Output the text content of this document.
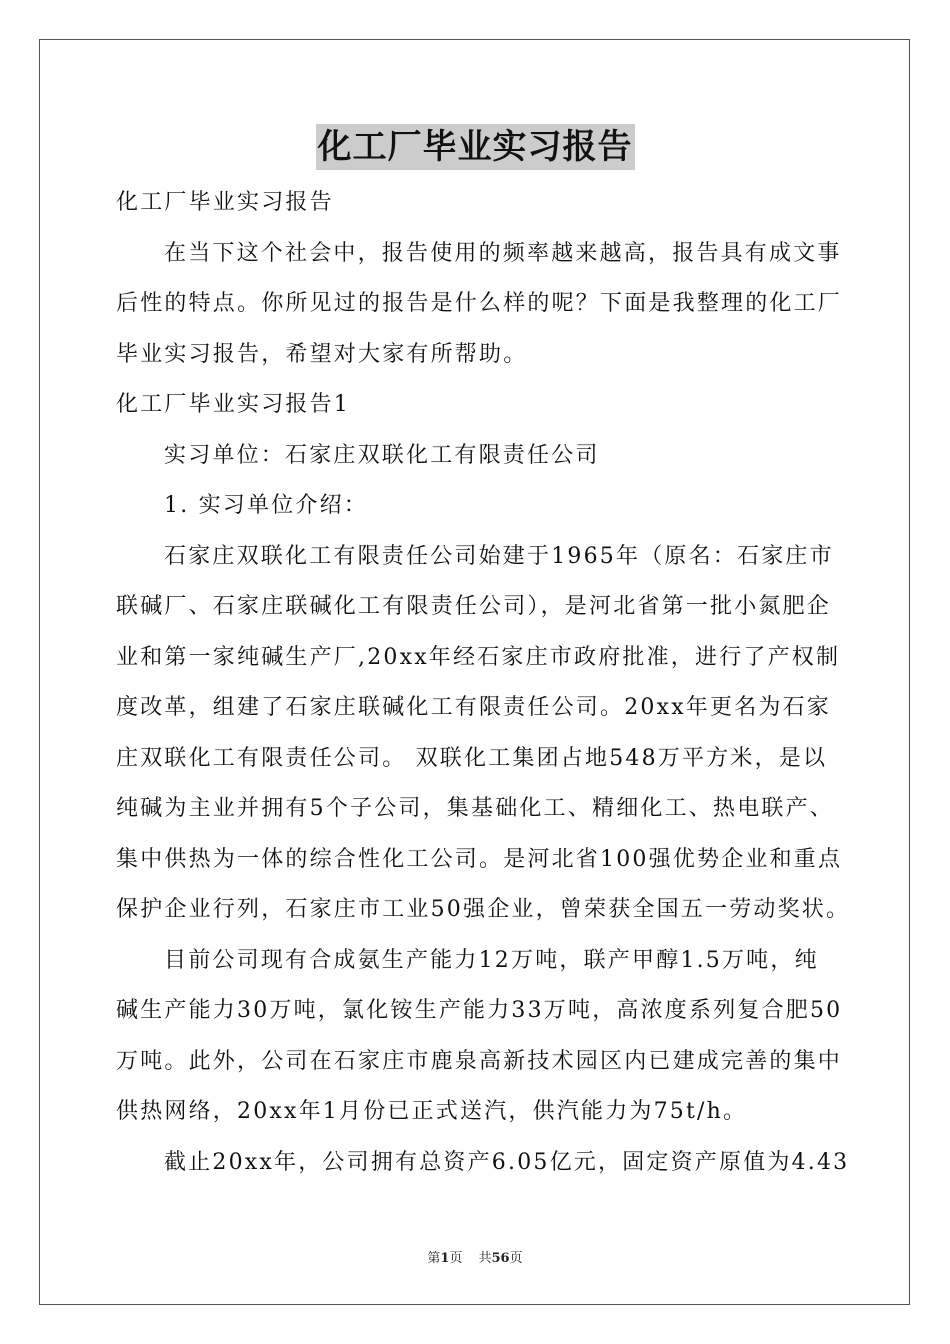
化工厂毕业实习报告

化工厂毕业实习报告

在当下这个社会中，报告使用的频率越来越高，报告具有成文事

后性的特点。你所见过的报告是什么样的呢？下面是我整理的化工厂

毕业实习报告，希望对大家有所帮助。

化工厂毕业实习报告1

实习单位：石家庄双联化工有限责任公司

1. 实习单位介绍：

石家庄双联化工有限责任公司始建于1965年（原名：石家庄市

联碱厂、石家庄联碱化工有限责任公司），是河北省第一批小氮肥企

业和第一家纯碱生产厂,20xx年经石家庄市政府批准，进行了产权制

度改革，组建了石家庄联碱化工有限责任公司。20xx年更名为石家

庄双联化工有限责任公司。 双联化工集团占地548万平方米，是以

纯碱为主业并拥有5个子公司，集基础化工、精细化工、热电联产、

集中供热为一体的综合性化工公司。是河北省100强优势企业和重点

保护企业行列，石家庄市工业50强企业，曾荣获全国五一劳动奖状。

目前公司现有合成氨生产能力12万吨，联产甲醇1.5万吨，纯

碱生产能力30万吨，氯化铵生产能力33万吨，高浓度系列复合肥50

万吨。此外，公司在石家庄市鹿泉高新技术园区内已建成完善的集中

供热网络，20xx年1月份已正式送汽，供汽能力为75t/h。

截止20xx年，公司拥有总资产6.05亿元，固定资产原值为4.43

第1页 共56页
